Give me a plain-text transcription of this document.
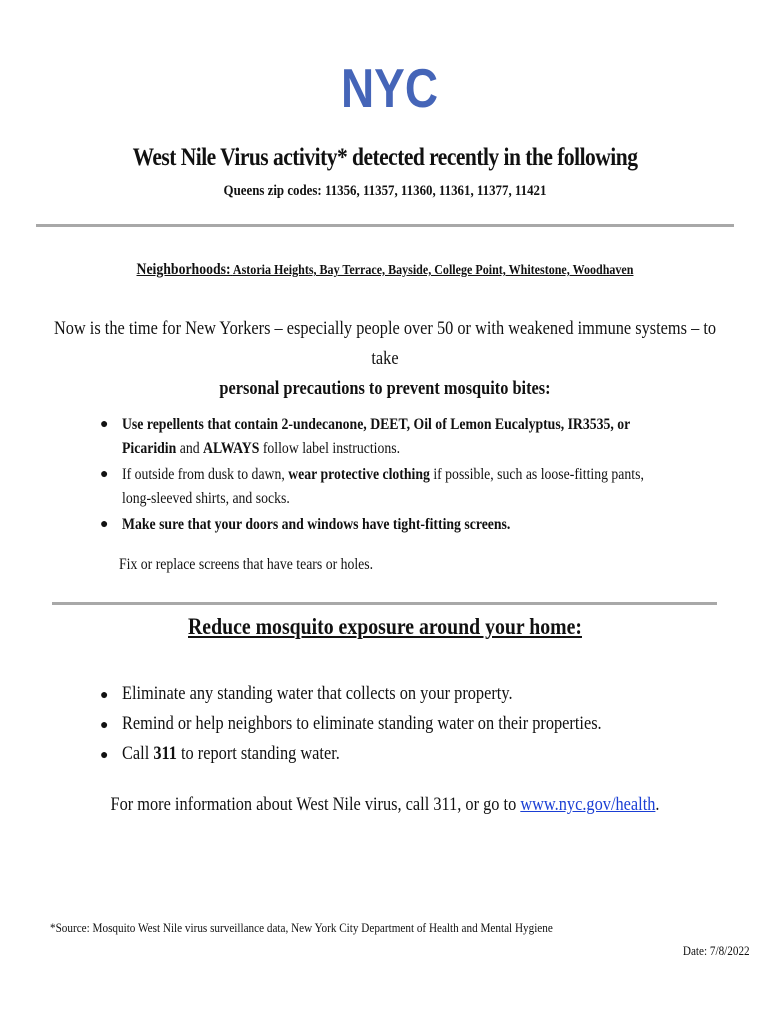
NYC
West Nile Virus activity* detected recently in the following
Queens zip codes: 11356, 11357, 11360, 11361, 11377, 11421
Neighborhoods: Astoria Heights, Bay Terrace, Bayside, College Point, Whitestone, Woodhaven
Now is the time for New Yorkers – especially people over 50 or with weakened immune systems – to take
personal precautions to prevent mosquito bites:
● Use repellents that contain 2-undecanone, DEET, Oil of Lemon Eucalyptus, IR3535, or
Picaridin and ALWAYS follow label instructions.
● If outside from dusk to dawn, wear protective clothing if possible, such as loose-fitting pants,
long-sleeved shirts, and socks.
● Make sure that your doors and windows have tight-fitting screens.
Fix or replace screens that have tears or holes.
Reduce mosquito exposure around your home:
● Eliminate any standing water that collects on your property.
● Remind or help neighbors to eliminate standing water on their properties.
● Call 311 to report standing water.
For more information about West Nile virus, call 311, or go to www.nyc.gov/health.
*Source: Mosquito West Nile virus surveillance data, New York City Department of Health and Mental Hygiene
Date: 7/8/2022
